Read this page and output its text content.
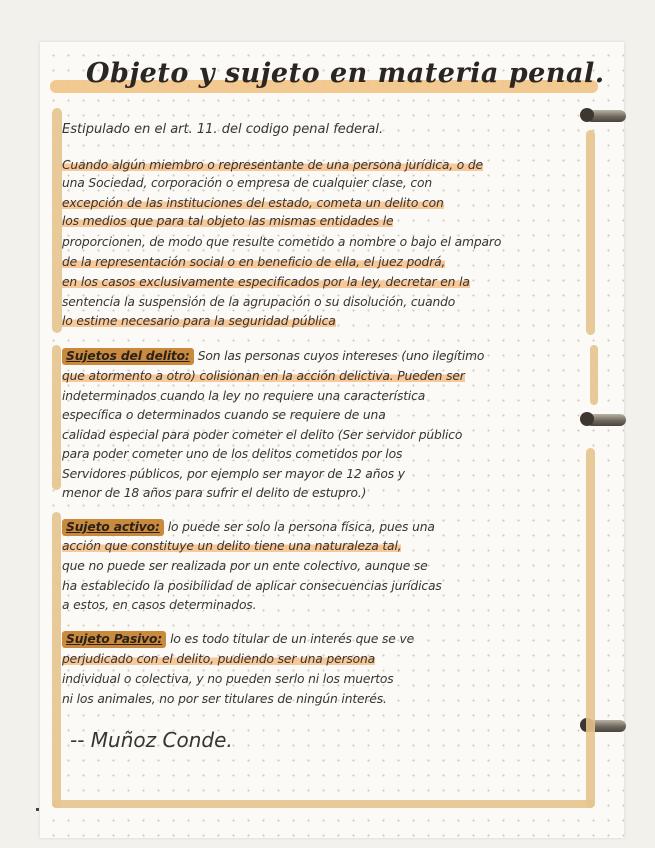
Objeto y sujeto en materia penal.

Estipulado en el art. 11. del codigo penal federal.

Cuando algún miembro o representante de una persona jurídica, o de

una Sociedad, corporación o empresa de cualquier clase, con

excepción de las instituciones del estado, cometa un delito con

los medios que para tal objeto las mismas entidades le

proporcionen, de modo que resulte cometido a nombre o bajo el amparo

de la representación social o en beneficio de ella, el juez podrá,

en los casos exclusivamente especificados por la ley, decretar en la

sentencia la suspensión de la agrupación o su disolución, cuando

lo estime necesario para la seguridad pública

Sujetos del delito: Son las personas cuyos intereses (uno ilegítimo

que atormento a otro) colisionan en la acción delictiva. Pueden ser

indeterminados cuando la ley no requiere una característica

específica o determinados cuando se requiere de una

calidad especial para poder cometer el delito (Ser servidor público

para poder cometer uno de los delitos cometidos por los

Servidores públicos, por ejemplo ser mayor de 12 años y

menor de 18 años para sufrir el delito de estupro.)

Sujeto activo: lo puede ser solo la persona física, pues una

acción que constituye un delito tiene una naturaleza tal,

que no puede ser realizada por un ente colectivo, aunque se

ha establecido la posibilidad de aplicar consecuencias jurídicas

a estos, en casos determinados.

Sujeto Pasivo: lo es todo titular de un interés que se ve

perjudicado con el delito, pudiendo ser una persona

individual o colectiva, y no pueden serlo ni los muertos

ni los animales, no por ser titulares de ningún interés.

-- Muñoz Conde.
